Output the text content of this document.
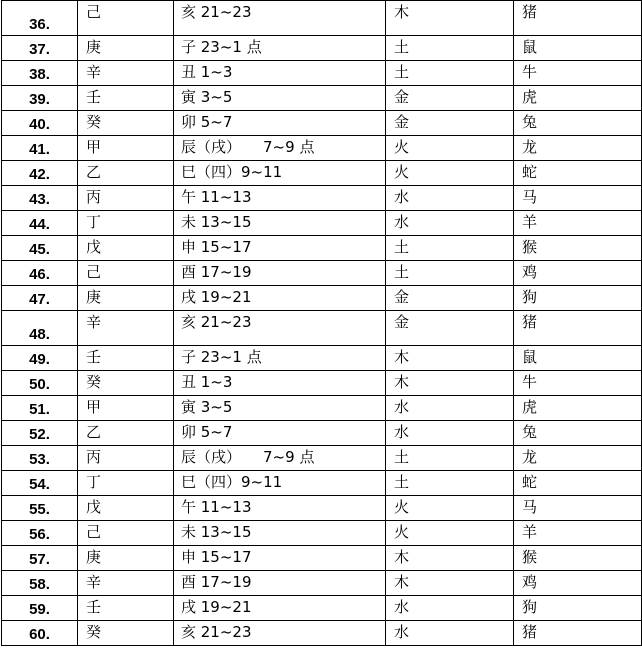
36.	己	亥 21~23	木	猪
37.	庚	子 23~1 点	土	鼠
38.	辛	丑 1~3	土	牛
39.	壬	寅 3~5	金	虎
40.	癸	卯 5~7	金	兔
41.	甲	辰（戌） 7~9 点	火	龙
42.	乙	巳（四）9~11	火	蛇
43.	丙	午 11~13	水	马
44.	丁	未 13~15	水	羊
45.	戊	申 15~17	土	猴
46.	己	酉 17~19	土	鸡
47.	庚	戌 19~21	金	狗
48.	辛	亥 21~23	金	猪
49.	壬	子 23~1 点	木	鼠
50.	癸	丑 1~3	木	牛
51.	甲	寅 3~5	水	虎
52.	乙	卯 5~7	水	兔
53.	丙	辰（戌） 7~9 点	土	龙
54.	丁	巳（四）9~11	土	蛇
55.	戊	午 11~13	火	马
56.	己	未 13~15	火	羊
57.	庚	申 15~17	木	猴
58.	辛	酉 17~19	木	鸡
59.	壬	戌 19~21	水	狗
60.	癸	亥 21~23	水	猪
